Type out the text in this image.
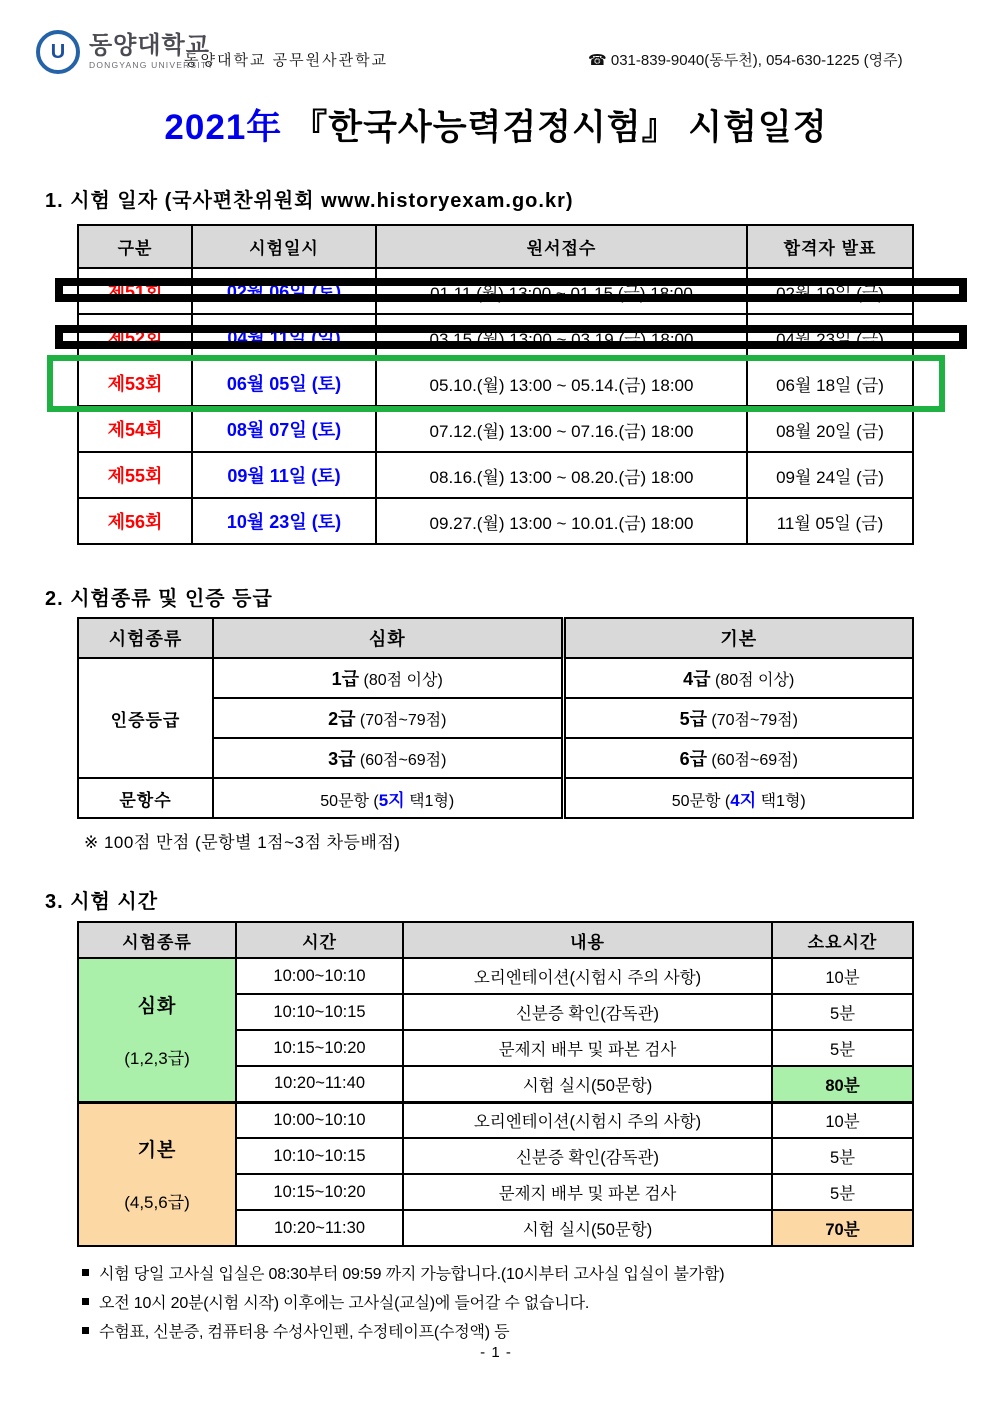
U 동양대학교
DONGYANG UNIVERSITY
동양대학교 공무원사관학교	☎ 031-839-9040(동두천), 054-630-1225 (영주)
2021年 『한국사능력검정시험』 시험일정
1. 시험 일자 (국사편찬위원회 www.historyexam.go.kr)
구분	시험일시	원서접수	합격자 발표
제51회	02월 06일 (토)	01.11.(월) 13:00 ~ 01.15.(금) 18:00	02월 19일 (금)
제52회	04월 11일 (일)	03.15.(월) 13:00 ~ 03.19.(금) 18:00	04월 23일 (금)
제53회	06월 05일 (토)	05.10.(월) 13:00 ~ 05.14.(금) 18:00	06월 18일 (금)
제54회	08월 07일 (토)	07.12.(월) 13:00 ~ 07.16.(금) 18:00	08월 20일 (금)
제55회	09월 11일 (토)	08.16.(월) 13:00 ~ 08.20.(금) 18:00	09월 24일 (금)
제56회	10월 23일 (토)	09.27.(월) 13:00 ~ 10.01.(금) 18:00	11월 05일 (금)
2. 시험종류 및 인증 등급
시험종류	심화	기본
인증등급	1급 (80점 이상)	4급 (80점 이상)
	2급 (70점~79점)	5급 (70점~79점)
	3급 (60점~69점)	6급 (60점~69점)
문항수	50문항 (5지 택1형)	50문항 (4지 택1형)
※ 100점 만점 (문항별 1점~3점 차등배점)
3. 시험 시간
시험종류	시간	내용	소요시간

심화
(1,2,3급)	10:00~10:10	오리엔테이션(시험시 주의 사항)	10분
	10:10~10:15	신분증 확인(감독관)	5분
	10:15~10:20	문제지 배부 및 파본 검사	5분
	10:20~11:40	시험 실시(50문항)	80분

기본
(4,5,6급)	10:00~10:10	오리엔테이션(시험시 주의 사항)	10분
	10:10~10:15	신분증 확인(감독관)	5분
	10:15~10:20	문제지 배부 및 파본 검사	5분
	10:20~11:30	시험 실시(50문항)	70분
시험 당일 고사실 입실은 08:30부터 09:59 까지 가능합니다.(10시부터 고사실 입실이 불가함)
오전 10시 20분(시험 시작) 이후에는 고사실(교실)에 들어갈 수 없습니다.
수험표, 신분증, 컴퓨터용 수성사인펜, 수정테이프(수정액) 등
- 1 -
